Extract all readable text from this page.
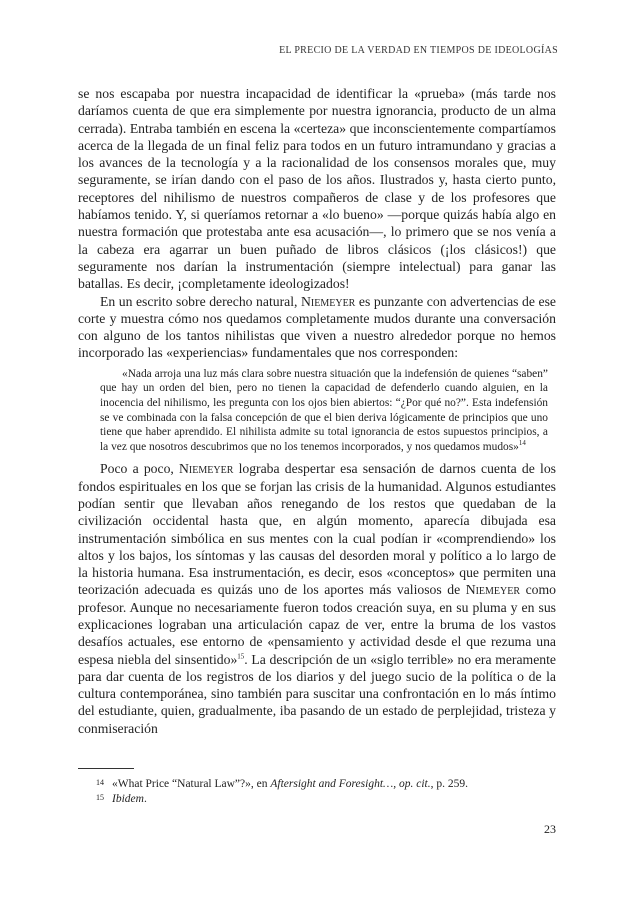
EL PRECIO DE LA VERDAD EN TIEMPOS DE IDEOLOGÍAS

se nos escapaba por nuestra incapacidad de identificar la «prueba» (más tarde nos daríamos cuenta de que era simplemente por nuestra ignorancia, producto de un alma cerrada). Entraba también en escena la «certeza» que inconscientemente compartíamos acerca de la llegada de un final feliz para todos en un futuro intramundano y gracias a los avances de la tecnología y a la racionalidad de los consensos morales que, muy seguramente, se irían dando con el paso de los años. Ilustrados y, hasta cierto punto, receptores del nihilismo de nuestros compañeros de clase y de los profesores que habíamos tenido. Y, si queríamos retornar a «lo bueno» —porque quizás había algo en nuestra formación que protestaba ante esa acusación—, lo primero que se nos venía a la cabeza era agarrar un buen puñado de libros clásicos (¡los clásicos!) que seguramente nos darían la instrumentación (siempre intelectual) para ganar las batallas. Es decir, ¡completamente ideologizados!

En un escrito sobre derecho natural, Niemeyer es punzante con advertencias de ese corte y muestra cómo nos quedamos completamente mudos durante una conversación con alguno de los tantos nihilistas que viven a nuestro alrededor porque no hemos incorporado las «experiencias» fundamentales que nos corresponden:

«Nada arroja una luz más clara sobre nuestra situación que la indefensión de quienes “saben” que hay un orden del bien, pero no tienen la capacidad de defenderlo cuando alguien, en la inocencia del nihilismo, les pregunta con los ojos bien abiertos: “¿Por qué no?”. Esta indefensión se ve combinada con la falsa concepción de que el bien deriva lógicamente de principios que uno tiene que haber aprendido. El nihilista admite su total ignorancia de estos supuestos principios, a la vez que nosotros descubrimos que no los tenemos incorporados, y nos quedamos mudos»$^{14}$

Poco a poco, Niemeyer lograba despertar esa sensación de darnos cuenta de los fondos espirituales en los que se forjan las crisis de la humanidad. Algunos estudiantes podían sentir que llevaban años renegando de los restos que quedaban de la civilización occidental hasta que, en algún momento, aparecía dibujada esa instrumentación simbólica en sus mentes con la cual podían ir «comprendiendo» los altos y los bajos, los síntomas y las causas del desorden moral y político a lo largo de la historia humana. Esa instrumentación, es decir, esos «conceptos» que permiten una teorización adecuada es quizás uno de los aportes más valiosos de Niemeyer como profesor. Aunque no necesariamente fueron todos creación suya, en su pluma y en sus explicaciones lograban una articulación capaz de ver, entre la bruma de los vastos desafíos actuales, ese entorno de «pensamiento y actividad desde el que rezuma una espesa niebla del sinsentido»$^{15}$. La descripción de un «siglo terrible» no era meramente para dar cuenta de los registros de los diarios y del juego sucio de la política o de la cultura contemporánea, sino también para suscitar una confrontación en lo más íntimo del estudiante, quien, gradualmente, iba pasando de un estado de perplejidad, tristeza y conmiseración

14 «What Price “Natural Law”?», en Aftersight and Foresight…, op. cit., p. 259.
15 Ibidem.
23
